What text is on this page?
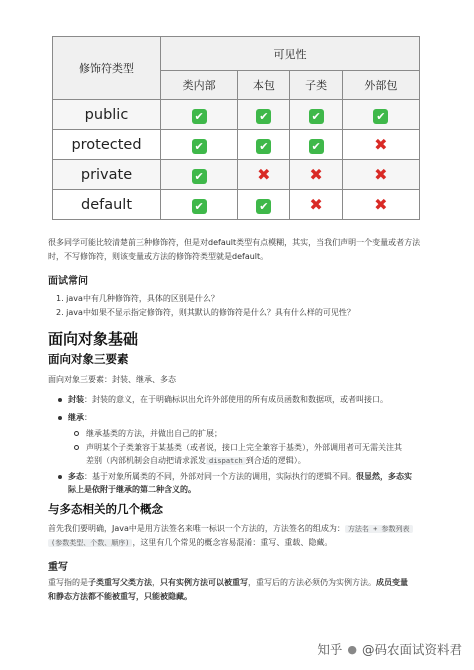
修饰符类型	可见性			
	类内部	本包	子类	外部包
public	✔	✔	✔	✔
protected	✔	✔	✔	✖
private	✔	✖	✖	✖
default	✔	✔	✖	✖
很多同学可能比较清楚前三种修饰符，但是对default类型有点模糊，其实，当我们声明一个变量或者方法时，不写修饰符，则该变量或方法的修饰符类型就是default。
面试常问
1. java中有几种修饰符，具体的区别是什么？
2. java中如果不显示指定修饰符，则其默认的修饰符是什么？具有什么样的可见性？
面向对象基础
面向对象三要素
面向对象三要素：封装、继承、多态
封装：封装的意义，在于明确标识出允许外部使用的所有成员函数和数据项，或者叫接口。
继承：
继承基类的方法，并做出自己的扩展；
声明某个子类兼容于某基类（或者说，接口上完全兼容于基类），外部调用者可无需关注其
差别（内部机制会自动把请求派发 dispatch 到合适的逻辑）。
多态：基于对象所属类的不同，外部对同一个方法的调用，实际执行的逻辑不同。很显然，多态实
际上是依附于继承的第二种含义的。
与多态相关的几个概念
首先我们要明确，Java中是用方法签名来唯一标识一个方法的，方法签名的组成为： 方法名 + 参数列表
(参数类型、个数、顺序) ，这里有几个常见的概念容易混淆：重写、重载、隐藏。
重写
重写指的是子类重写父类方法，只有实例方法可以被重写，重写后的方法必须仍为实例方法。成员变量
和静态方法都不能被重写，只能被隐藏。
知乎 ● @码农面试资料君
